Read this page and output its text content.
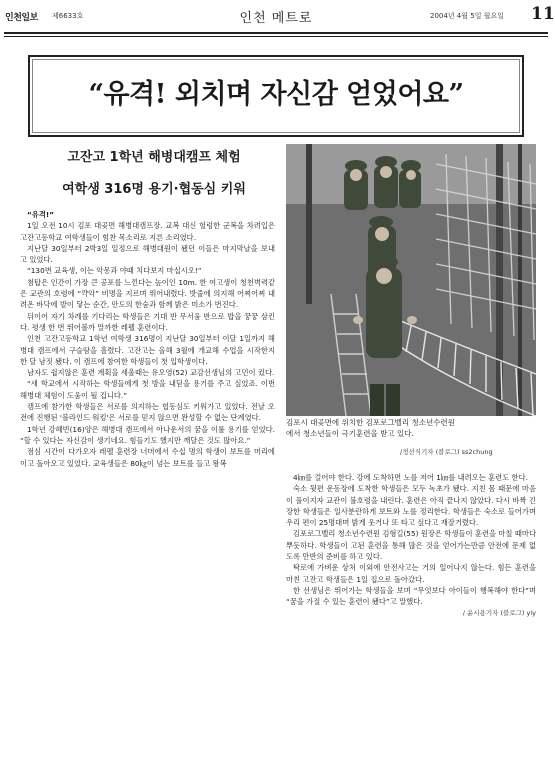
인천일보 제6633호	인천 메트로	2004년 4월 5일 월요일 11
“유격! 외치며 자신감 얻었어요”
고잔고 1학년 해병대캠프 체험
여학생 316명 용기·협동심 키워
김포시 대곶면에 위치한 김포로그벨리 청소년수련원
에서 청소년들이 극기훈련을 받고 있다.
/정선식기자 (블로그) ss2chung

“유격!”

1일 오전 10시 김포 대곶면 해병대캠프장. 교복 대신 헐렁한 군복을 차려입은 고잔고등학교 여학생들이 힘찬 목소리로 지른 소리였다.

지난달 30일부터 2박3일 일정으로 해병대원이 됐던 이들은 마지막날을 보내고 있었다.

“130번 교육생, 이는 악몽과 야때 치다보지 마십시오!”

첨탑은 인간이 가장 큰 공포를 느낀다는 높이인 10m. 한 여고생이 청천벽력같은 교관의 호령에 “꺅악” 비명을 지르며 뛰어내렸다. 밧줄에 의지해 어찌어찌 내려온 바닥에 발이 닿는 순간, 안도의 한숨과 함께 밝은 미소가 번진다.

뒤이어 자기 차례를 기다리는 학생들은 기대 반 무서움 반으로 밥을 꿍꿍 삼킨다. 평생 한 번 뛰어볼까 말까한 레펠 훈련이다.

인천 고잔고등학교 1학년 여학생 316명이 지난달 30일부터 이달 1일까지 해병대 캠프에서 구슬땀을 흘렸다. 고잔고는 올해 3월에 개교해 수업을 시작한지 한 달 남짓 됐다. 이 캠프에 참여한 학생들이 첫 입학생이다.

남자도 쉽지않은 훈련 계획을 세울때는 유오영(52) 교감선생님의 고민이 컸다.

“새 학교에서 시작하는 학생들에게 첫 방을 내딛을 용기를 주고 싶었죠. 이번 해병대 체험이 도움이 될 겁니다.”

캠프에 참가한 학생들은 서로를 의지하는 협동심도 키워가고 있었다. 전날 오전에 진행된 '블라인드 워킹'은 서로를 믿지 않으면 완성할 수 없는 단계였다.

1학년 강혜빈(16)양은 해병대 캠프에서 아나운서의 꿈을 이룰 용기를 얻었다. “할 수 있다는 자신감이 생기네요. 힘들기도 했지만 깨달은 것도 많아요.”

점심 시간이 다가오자 레펠 훈련장 너머에서 수십 명의 학생이 보트를 머리에 이고 돌아오고 있었다. 교육생들은 80㎏이 넘는 보트를 들고 왕복

4㎞를 걸어야 한다. 강에 도착하면 노를 저어 1㎞를 내려오는 훈련도 한다.

숙소 뒷편 운동장에 도착한 학생들은 모두 녹초가 됐다. 지친 몸 때문에 마음이 풀이지자 교관이 불호령을 내린다. 훈련은 아직 끝나지 않았다. 다시 바짝 긴장한 학생들은 일사분란하게 보트와 노를 정리한다. 학생들은 숙소로 들어가며 우리 편이 25명대며 밝게 웃거나 또 타고 싶다고 재잘거렸다.

김포로그벨리 청소년수련원 김형길(55) 원장은 학생들이 훈련을 마칠 때마다 뿌듯하다. 학생들이 고된 훈련을 통해 많은 것을 얻어가는만큼 안전에 문제 없도록 만반의 준비를 하고 있다.

탁로에 가벼운 상처 이외에 안전사고는 거의 일어나지 않는다. 힘든 훈련을 마친 고잔고 학생들은 1일 집으로 돌아갔다.

한 선생님은 뛰어가는 학생들을 보며 “무엇보다 아이들이 행복해야 한다”며 “꿈을 가질 수 있는 훈련이 됐다”고 말했다.

/ 윤시용기자 (블로그) yiy
